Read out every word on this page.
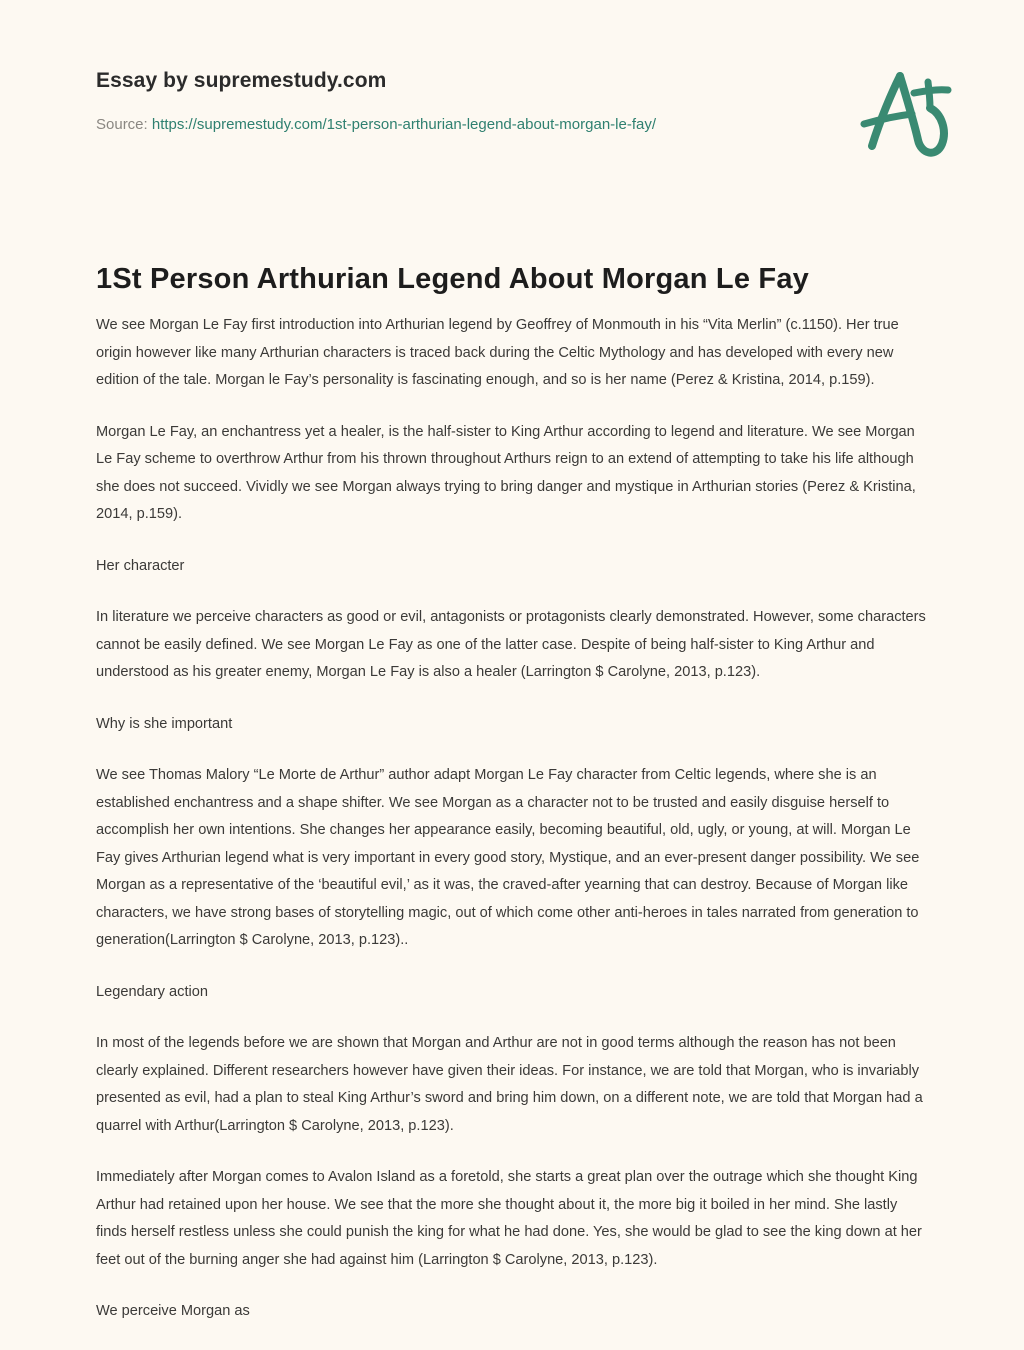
Essay by supremestudy.com
Source: https://supremestudy.com/1st-person-arthurian-legend-about-morgan-le-fay/
1St Person Arthurian Legend About Morgan Le Fay

We see Morgan Le Fay first introduction into Arthurian legend by Geoffrey of Monmouth in his “Vita Merlin” (c.1150). Her true origin however like many Arthurian characters is traced back during the Celtic Mythology and has developed with every new edition of the tale. Morgan le Fay’s personality is fascinating enough, and so is her name (Perez & Kristina, 2014, p.159).

Morgan Le Fay, an enchantress yet a healer, is the half-sister to King Arthur according to legend and literature. We see Morgan Le Fay scheme to overthrow Arthur from his thrown throughout Arthurs reign to an extend of attempting to take his life although she does not succeed. Vividly we see Morgan always trying to bring danger and mystique in Arthurian stories (Perez & Kristina, 2014, p.159).

Her character

In literature we perceive characters as good or evil, antagonists or protagonists clearly demonstrated. However, some characters cannot be easily defined. We see Morgan Le Fay as one of the latter case. Despite of being half-sister to King Arthur and understood as his greater enemy, Morgan Le Fay is also a healer (Larrington $ Carolyne, 2013, p.123).

Why is she important

We see Thomas Malory “Le Morte de Arthur” author adapt Morgan Le Fay character from Celtic legends, where she is an established enchantress and a shape shifter. We see Morgan as a character not to be trusted and easily disguise herself to accomplish her own intentions. She changes her appearance easily, becoming beautiful, old, ugly, or young, at will. Morgan Le Fay gives Arthurian legend what is very important in every good story, Mystique, and an ever-present danger possibility. We see Morgan as a representative of the ‘beautiful evil,’ as it was, the craved-after yearning that can destroy. Because of Morgan like characters, we have strong bases of storytelling magic, out of which come other anti-heroes in tales narrated from generation to generation(Larrington $ Carolyne, 2013, p.123)..

Legendary action

In most of the legends before we are shown that Morgan and Arthur are not in good terms although the reason has not been clearly explained. Different researchers however have given their ideas. For instance, we are told that Morgan, who is invariably presented as evil, had a plan to steal King Arthur’s sword and bring him down, on a different note, we are told that Morgan had a quarrel with Arthur(Larrington $ Carolyne, 2013, p.123).

Immediately after Morgan comes to Avalon Island as a foretold, she starts a great plan over the outrage which she thought King Arthur had retained upon her house. We see that the more she thought about it, the more big it boiled in her mind. She lastly finds herself restless unless she could punish the king for what he had done. Yes, she would be glad to see the king down at her feet out of the burning anger she had against him (Larrington $ Carolyne, 2013, p.123).

We perceive Morgan as
